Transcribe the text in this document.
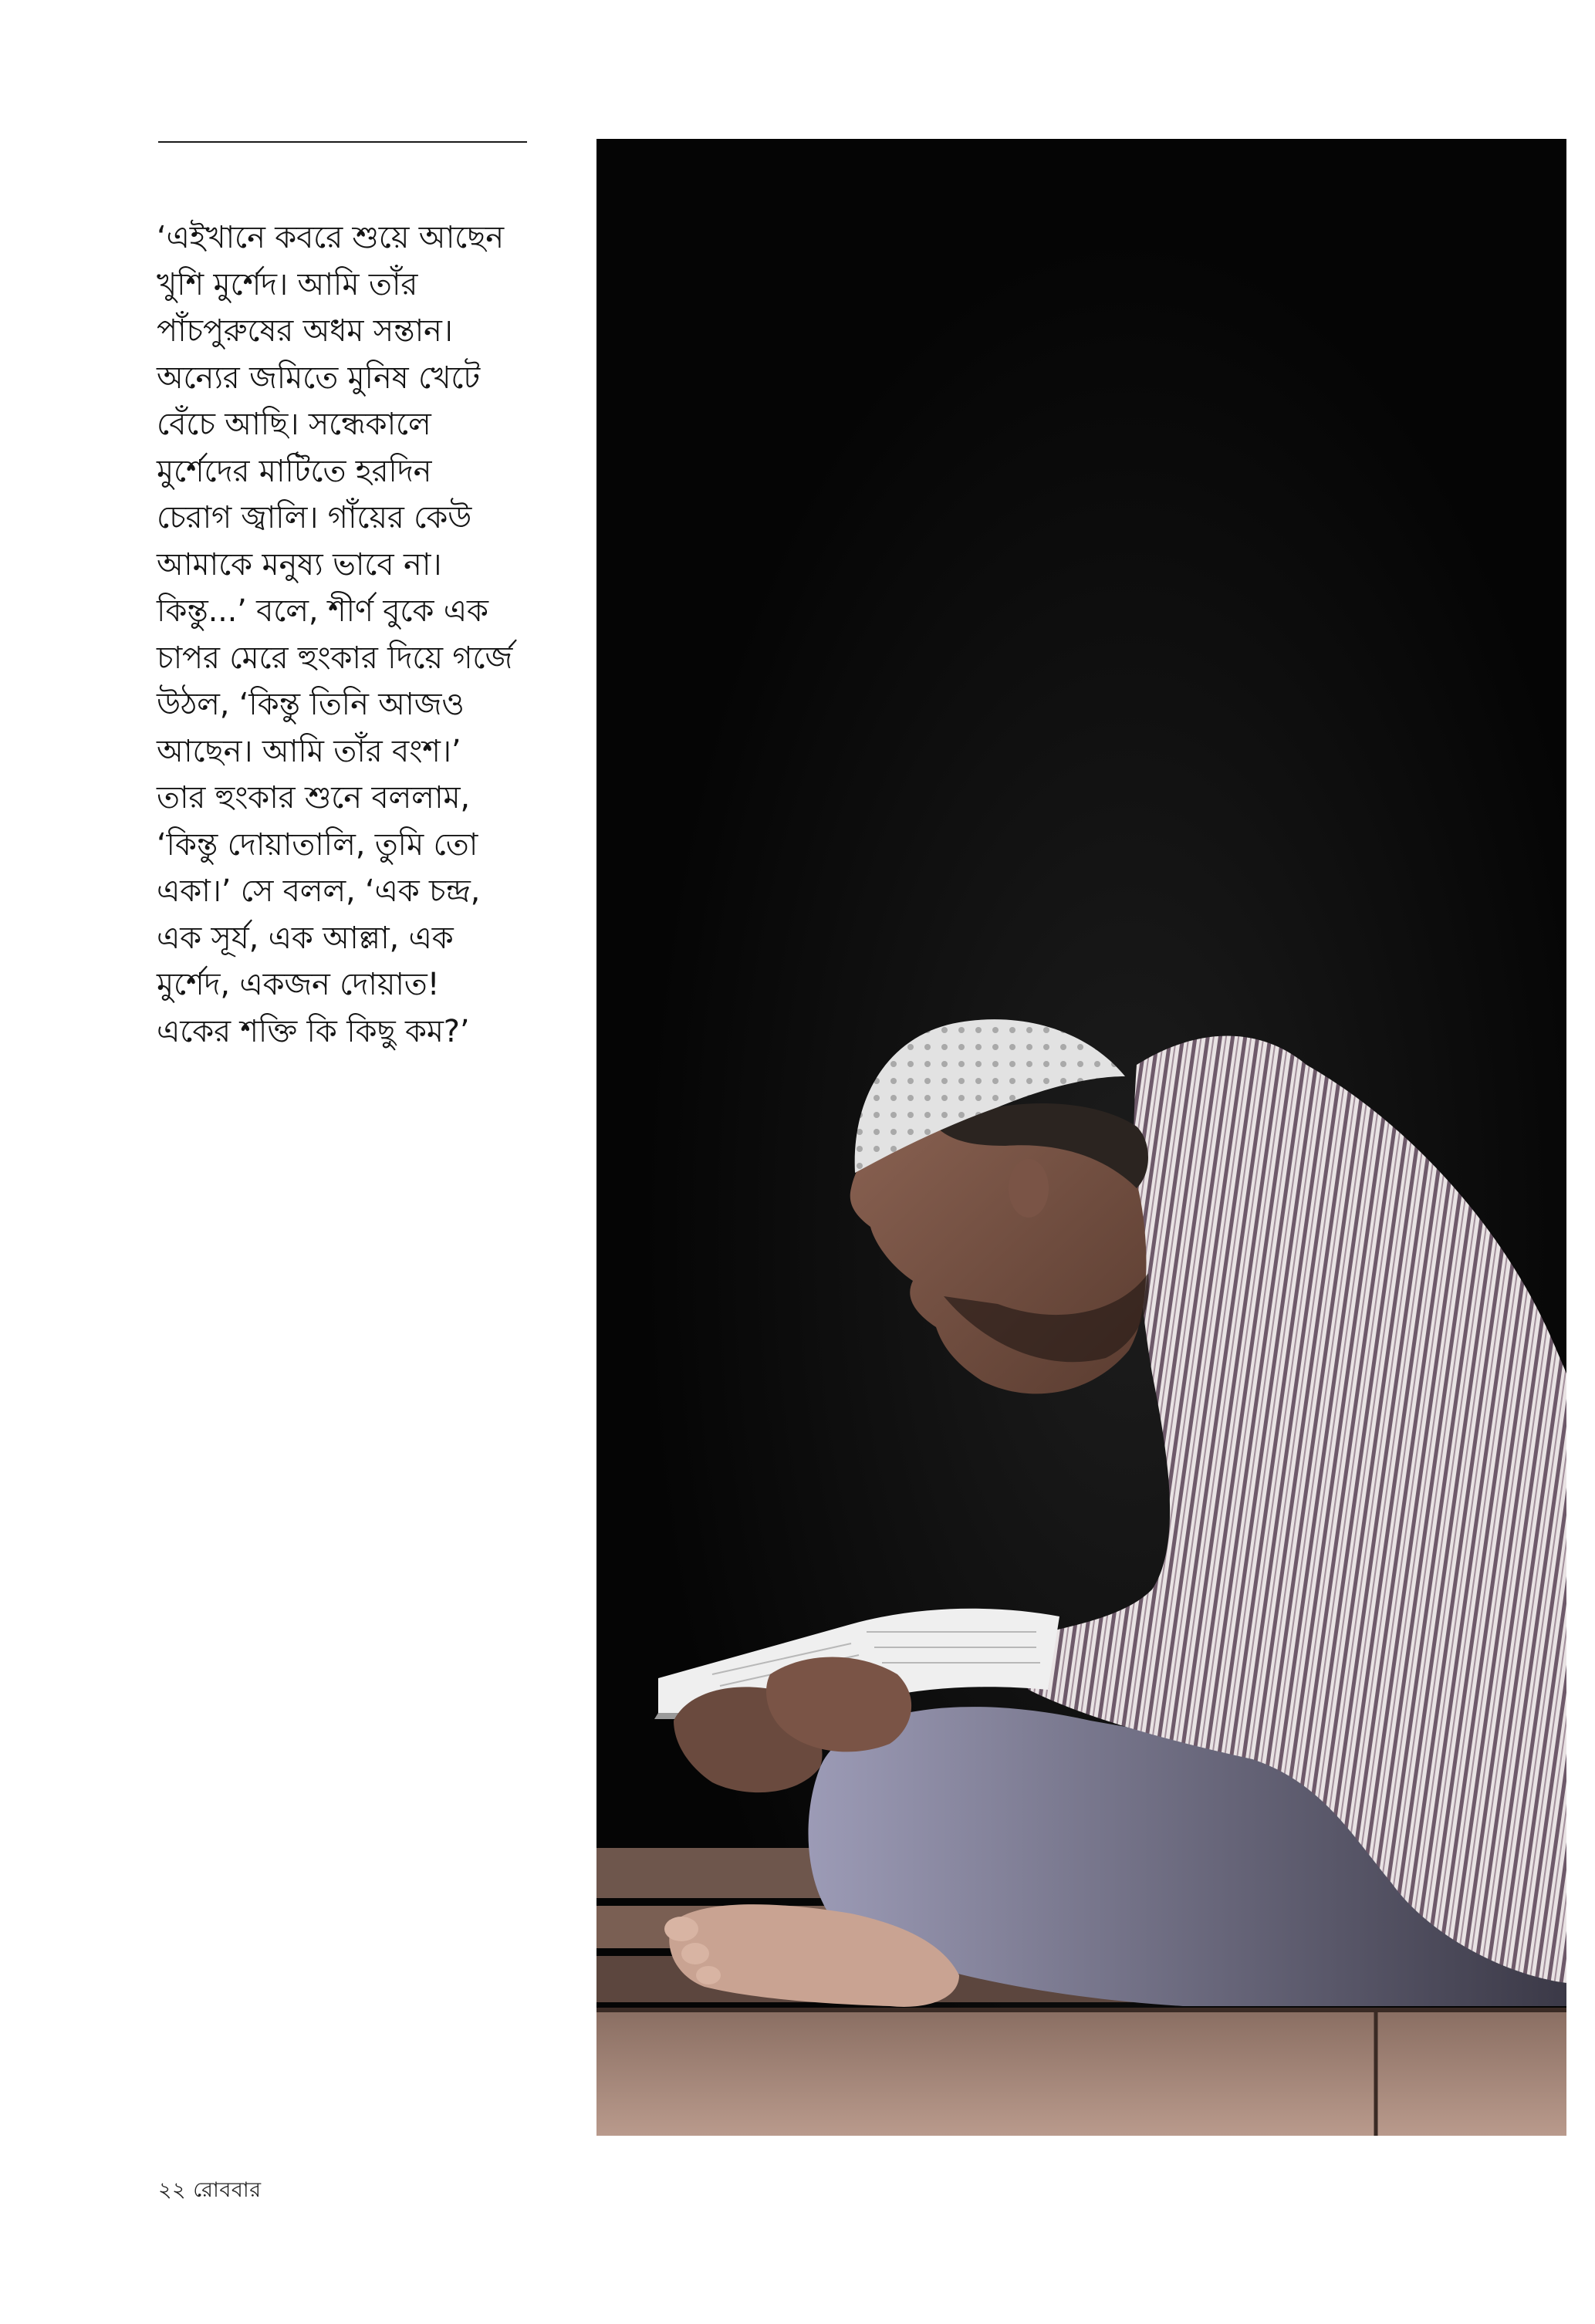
‘এইখানে কবরে শুয়ে আছেন
খুশি মুর্শেদ। আমি তাঁর
পাঁচপুরুষের অধম সন্তান।
অন্যের জমিতে মুনিষ খেটে
বেঁচে আছি। সন্ধেকালে
মুর্শেদের মাটিতে হরদিন
চেরাগ জ্বালি। গাঁয়ের কেউ
আমাকে মনুষ্য ভাবে না।
কিন্তু...’ বলে, শীর্ণ বুকে এক
চাপর মেরে হুংকার দিয়ে গর্জে
উঠল, ‘কিন্তু তিনি আজও
আছেন। আমি তাঁর বংশ।’
তার হুংকার শুনে বললাম,
‘কিন্তু দোয়াতালি, তুমি তো
একা।’ সে বলল, ‘এক চন্দ্র,
এক সূর্য, এক আল্লা, এক
মুর্শেদ, একজন দোয়াত!
একের শক্তি কি কিছু কম?’
২২ রোববার
